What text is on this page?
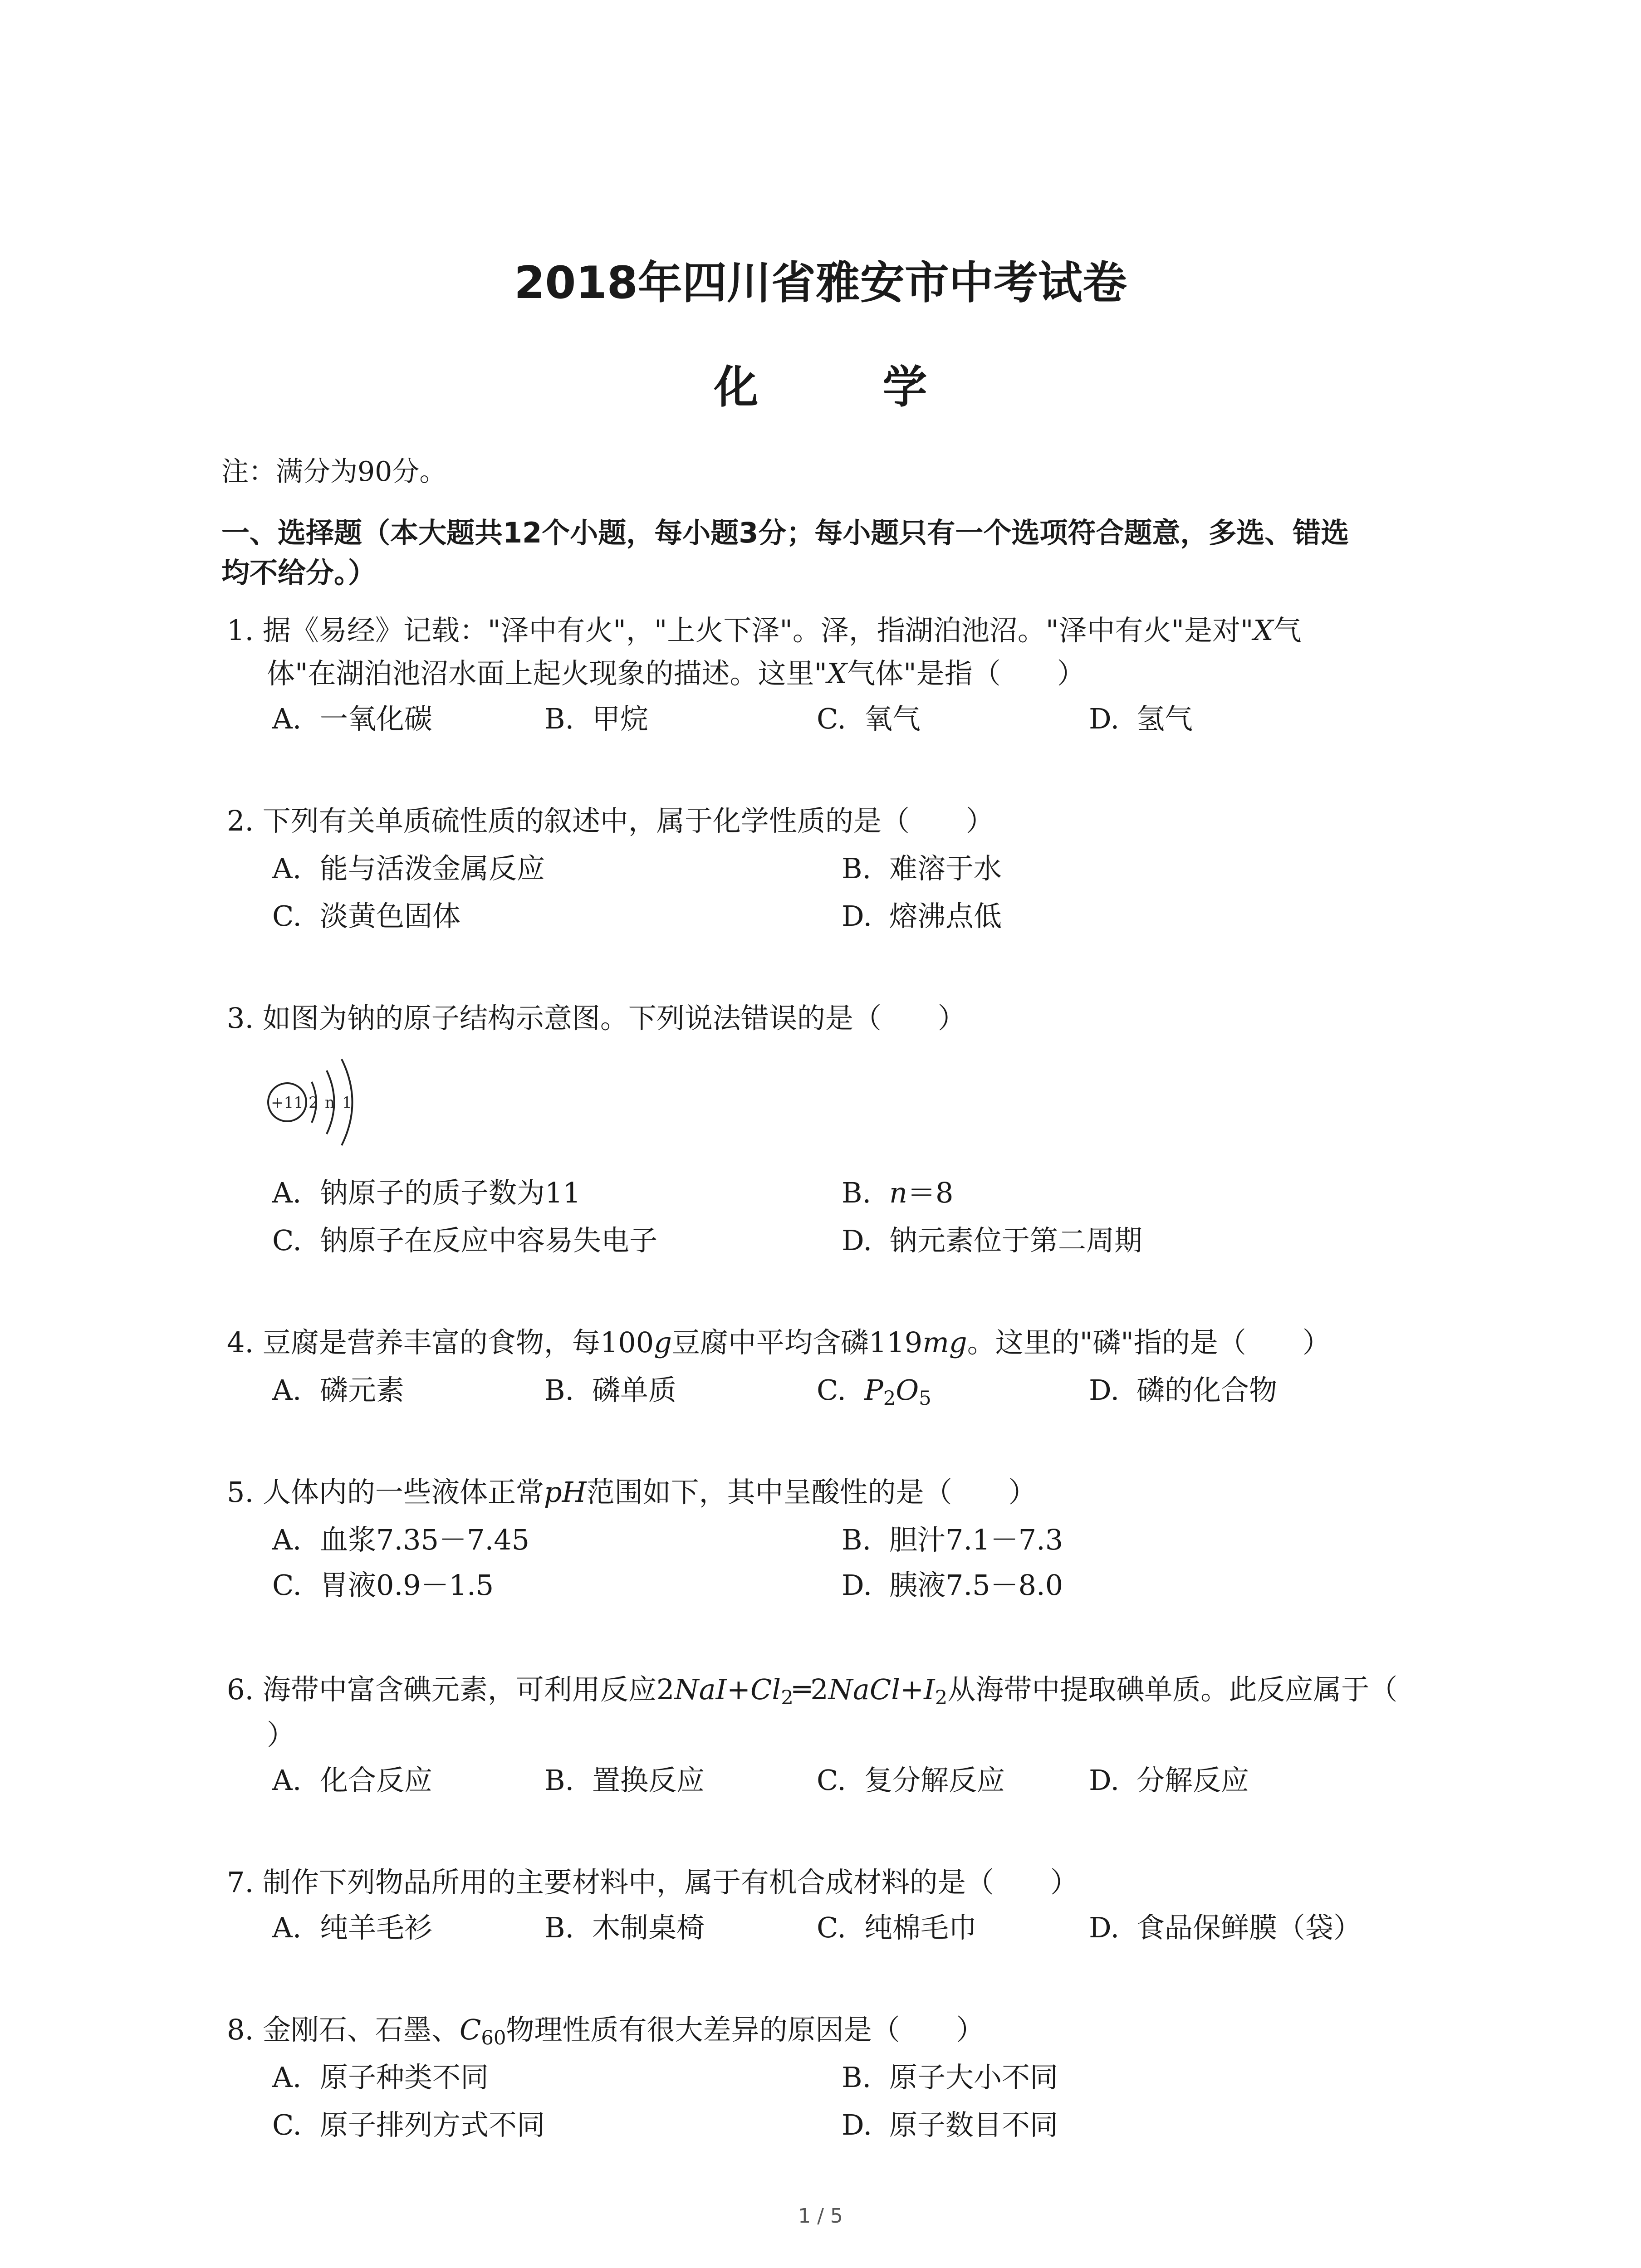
2018年四川省雅安市中考试卷
化 学
注：满分为90分。
一、选择题（本大题共12个小题，每小题3分；每小题只有一个选项符合题意，多选、错选
均不给分。）
1. 据《易经》记载："泽中有火"，"上火下泽"。泽，指湖泊池沼。"泽中有火"是对"X气
体"在湖泊池沼水面上起火现象的描述。这里"X气体"是指（　　）
A. 一氧化碳	B. 甲烷	C. 氧气	D. 氢气
2. 下列有关单质硫性质的叙述中，属于化学性质的是（　　）
A. 能与活泼金属反应	B. 难溶于水
C. 淡黄色固体	D. 熔沸点低
3. 如图为钠的原子结构示意图。下列说法错误的是（　　）
+11 2 n 1
A. 钠原子的质子数为11	B. n＝8
C. 钠原子在反应中容易失电子	D. 钠元素位于第二周期
4. 豆腐是营养丰富的食物，每100g豆腐中平均含磷119mg。这里的"磷"指的是（　　）
A. 磷元素	B. 磷单质	C. $P_2O_5$	D. 磷的化合物
5. 人体内的一些液体正常pH范围如下，其中呈酸性的是（　　）
A. 血浆7.35－7.45	B. 胆汁7.1－7.3
C. 胃液0.9－1.5	D. 胰液7.5－8.0
6. 海带中富含碘元素，可利用反应$2NaI+Cl_2═2NaCl+I_2$从海带中提取碘单质。此反应属于（
）
A. 化合反应	B. 置换反应	C. 复分解反应	D. 分解反应
7. 制作下列物品所用的主要材料中，属于有机合成材料的是（　　）
A. 纯羊毛衫	B. 木制桌椅	C. 纯棉毛巾	D. 食品保鲜膜（袋）
8. 金刚石、石墨、$C_{60}$物理性质有很大差异的原因是（　　）
A. 原子种类不同	B. 原子大小不同
C. 原子排列方式不同	D. 原子数目不同
1 / 5
